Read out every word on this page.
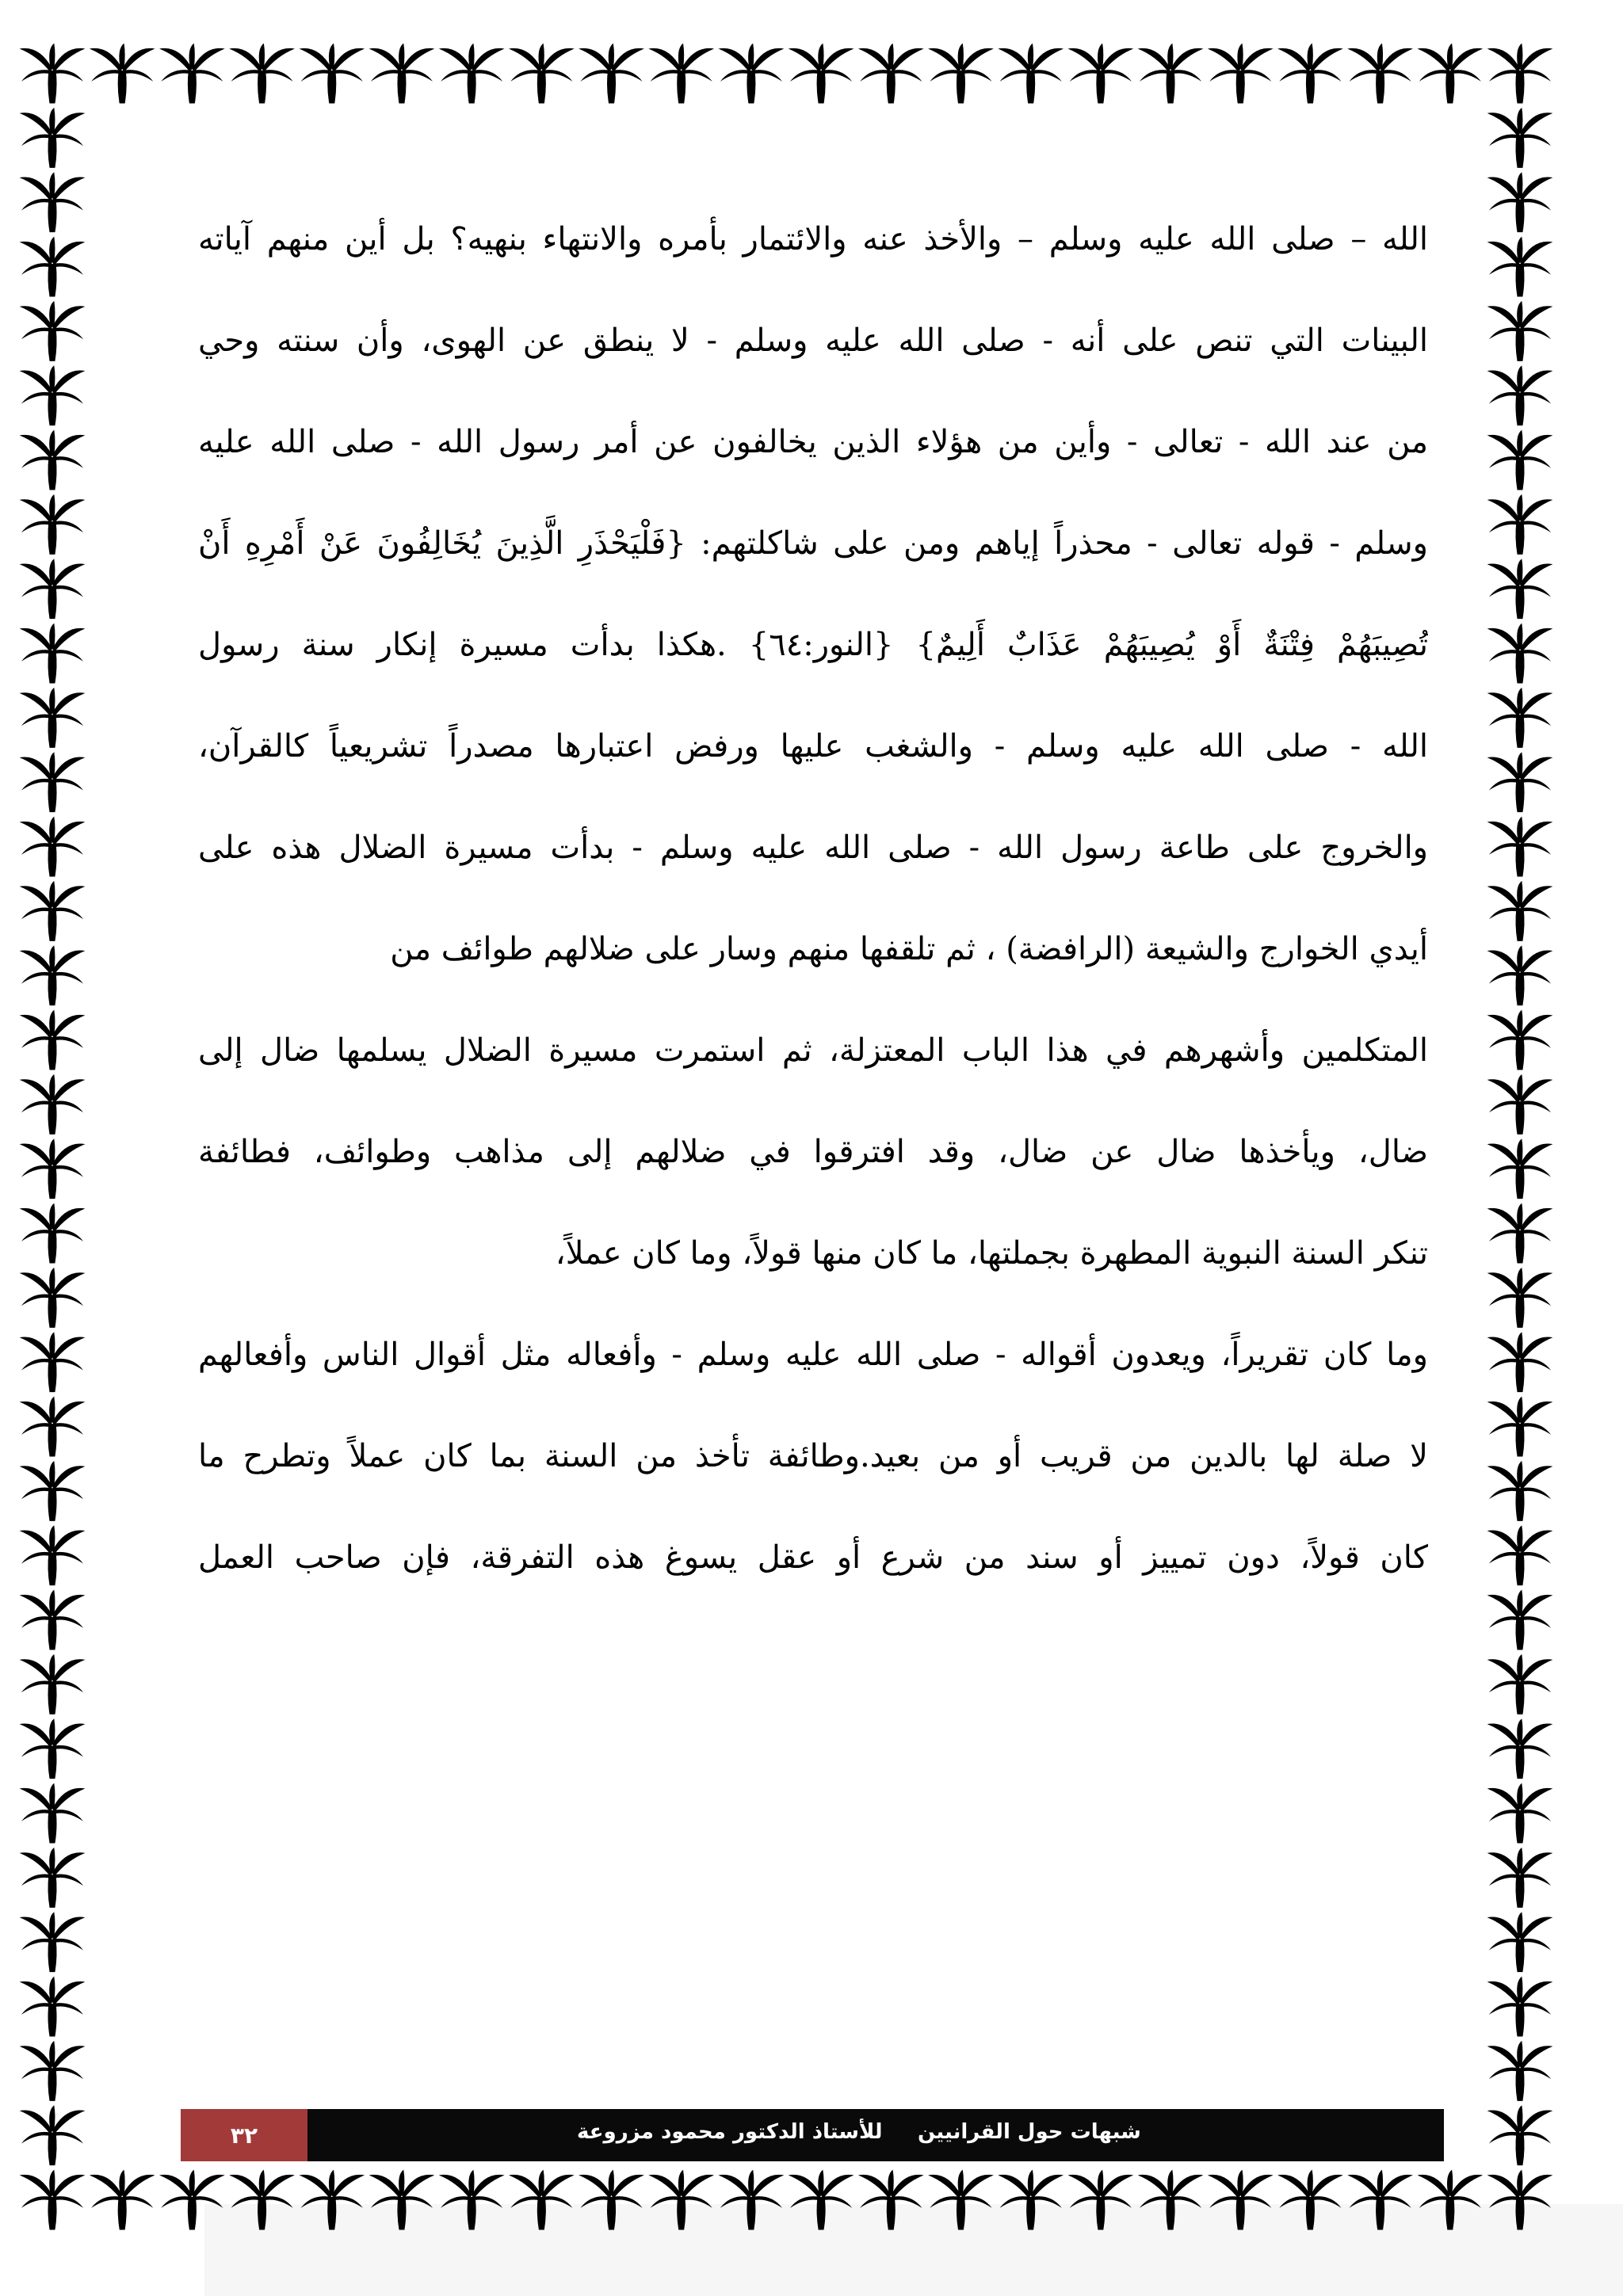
الله – صلى الله عليه وسلم – والأخذ عنه والائتمار بأمره والانتهاء بنهيه؟ بل أين منهم آياته
البينات التي تنص على أنه - صلى الله عليه وسلم - لا ينطق عن الهوى، وأن سنته وحي
من عند الله - تعالى - وأين من هؤلاء الذين يخالفون عن أمر رسول الله - صلى الله عليه
وسلم - قوله تعالى - محذراً إياهم ومن على شاكلتهم: {فَلْيَحْذَرِ الَّذِينَ يُخَالِفُونَ عَنْ أَمْرِهِ أَنْ
تُصِيبَهُمْ فِتْنَةٌ أَوْ يُصِيبَهُمْ عَذَابٌ أَلِيمٌ} {النور:٦٤} .هكذا بدأت مسيرة إنكار سنة رسول
الله - صلى الله عليه وسلم - والشغب عليها ورفض اعتبارها مصدراً تشريعياً كالقرآن،
والخروج على طاعة رسول الله - صلى الله عليه وسلم - بدأت مسيرة الضلال هذه على
أيدي الخوارج والشيعة (الرافضة) ، ثم تلقفها منهم وسار على ضلالهم طوائف من
المتكلمين وأشهرهم في هذا الباب المعتزلة، ثم استمرت مسيرة الضلال يسلمها ضال إلى
ضال، ويأخذها ضال عن ضال، وقد افترقوا في ضلالهم إلى مذاهب وطوائف، فطائفة
تنكر السنة النبوية المطهرة بجملتها، ما كان منها قولاً، وما كان عملاً،
وما كان تقريراً، ويعدون أقواله - صلى الله عليه وسلم - وأفعاله مثل أقوال الناس وأفعالهم
لا صلة لها بالدين من قريب أو من بعيد.وطائفة تأخذ من السنة بما كان عملاً وتطرح ما
كان قولاً، دون تمييز أو سند من شرع أو عقل يسوغ هذه التفرقة، فإن صاحب العمل
٣٢	للأستاذ الدكتور محمود مزروعة شبهات حول القرانيين
